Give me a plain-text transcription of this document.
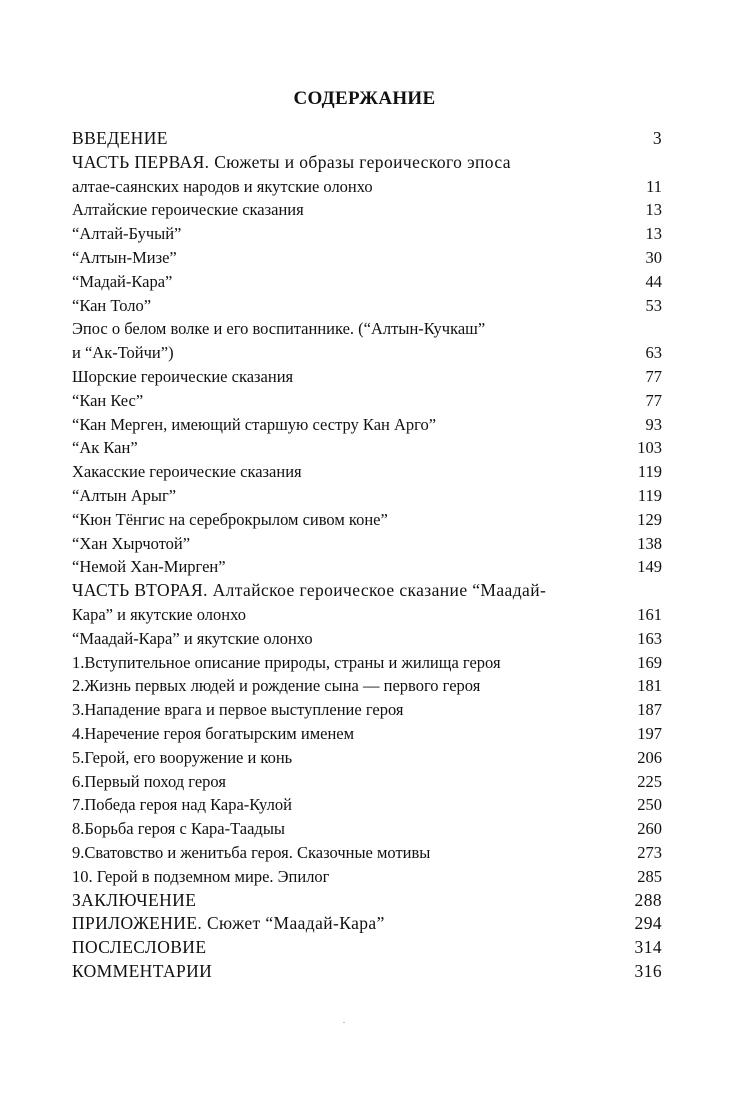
СОДЕРЖАНИЕ
ВВЕДЕНИЕ	3
ЧАСТЬ ПЕРВАЯ. Сюжеты и образы героического эпоса
алтае-саянских народов и якутские олонхо	11
Алтайские героические сказания	13
“Алтай-Бучый”	13
“Алтын-Мизе”	30
“Мадай-Кара”	44
“Кан Толо”	53
Эпос о белом волке и его воспитаннике. (“Алтын-Кучкаш”
и “Ак-Тойчи”)	63
Шорские героические сказания	77
“Кан Кес”	77
“Кан Мерген, имеющий старшую сестру Кан Арго”	93
“Ак Кан”	103
Хакасские героические сказания	119
“Алтын Арыг”	119
“Кюн Тёнгис на сереброкрылом сивом коне”	129
“Хан Хырчотой”	138
“Немой Хан-Мирген”	149
ЧАСТЬ ВТОРАЯ. Алтайское героическое сказание “Маадай-
Кара” и якутские олонхо	161
“Маадай-Кара” и якутские олонхо	163
1.Вступительное описание природы, страны и жилища героя	169
2.Жизнь первых людей и рождение сына — первого героя	181
3.Нападение врага и первое выступление героя	187
4.Наречение героя богатырским именем	197
5.Герой, его вооружение и конь	206
6.Первый поход героя	225
7.Победа героя над Кара-Кулой	250
8.Борьба героя с Кара-Таадыы	260
9.Сватовство и женитьба героя. Сказочные мотивы	273
10. Герой в подземном мире. Эпилог	285
ЗАКЛЮЧЕНИЕ	288
ПРИЛОЖЕНИЕ. Сюжет “Маадай-Кара”	294
ПОСЛЕСЛОВИЕ	314
КОММЕНТАРИИ	316
